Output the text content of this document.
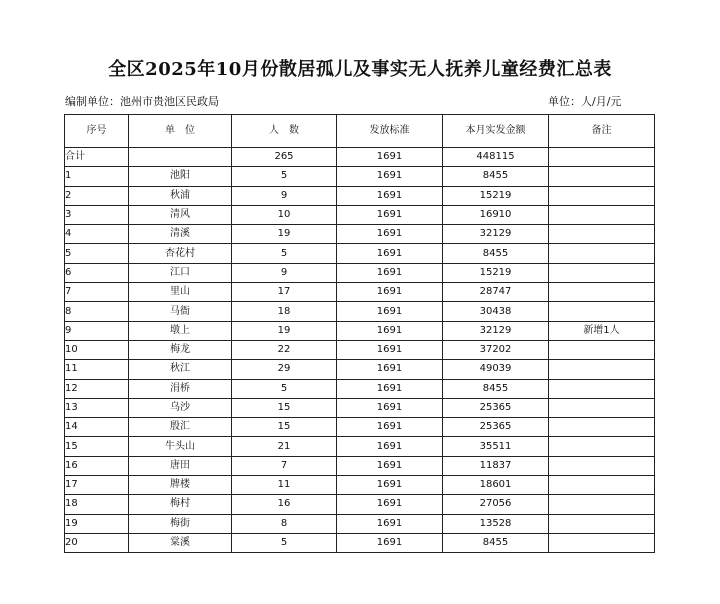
全区2025年10月份散居孤儿及事实无人抚养儿童经费汇总表
编制单位：池州市贵池区民政局	单位：人/月/元
序号	单　位	人　数	发放标准	本月实发金额	备注
合计		265	1691	448115	
1	池阳	5	1691	8455	
2	秋浦	9	1691	15219	
3	清风	10	1691	16910	
4	清溪	19	1691	32129	
5	杏花村	5	1691	8455	
6	江口	9	1691	15219	
7	里山	17	1691	28747	
8	马衙	18	1691	30438	
9	墩上	19	1691	32129	新增1人
10	梅龙	22	1691	37202	
11	秋江	29	1691	49039	
12	涓桥	5	1691	8455	
13	乌沙	15	1691	25365	
14	殷汇	15	1691	25365	
15	牛头山	21	1691	35511	
16	唐田	7	1691	11837	
17	牌楼	11	1691	18601	
18	梅村	16	1691	27056	
19	梅街	8	1691	13528	
20	棠溪	5	1691	8455	
